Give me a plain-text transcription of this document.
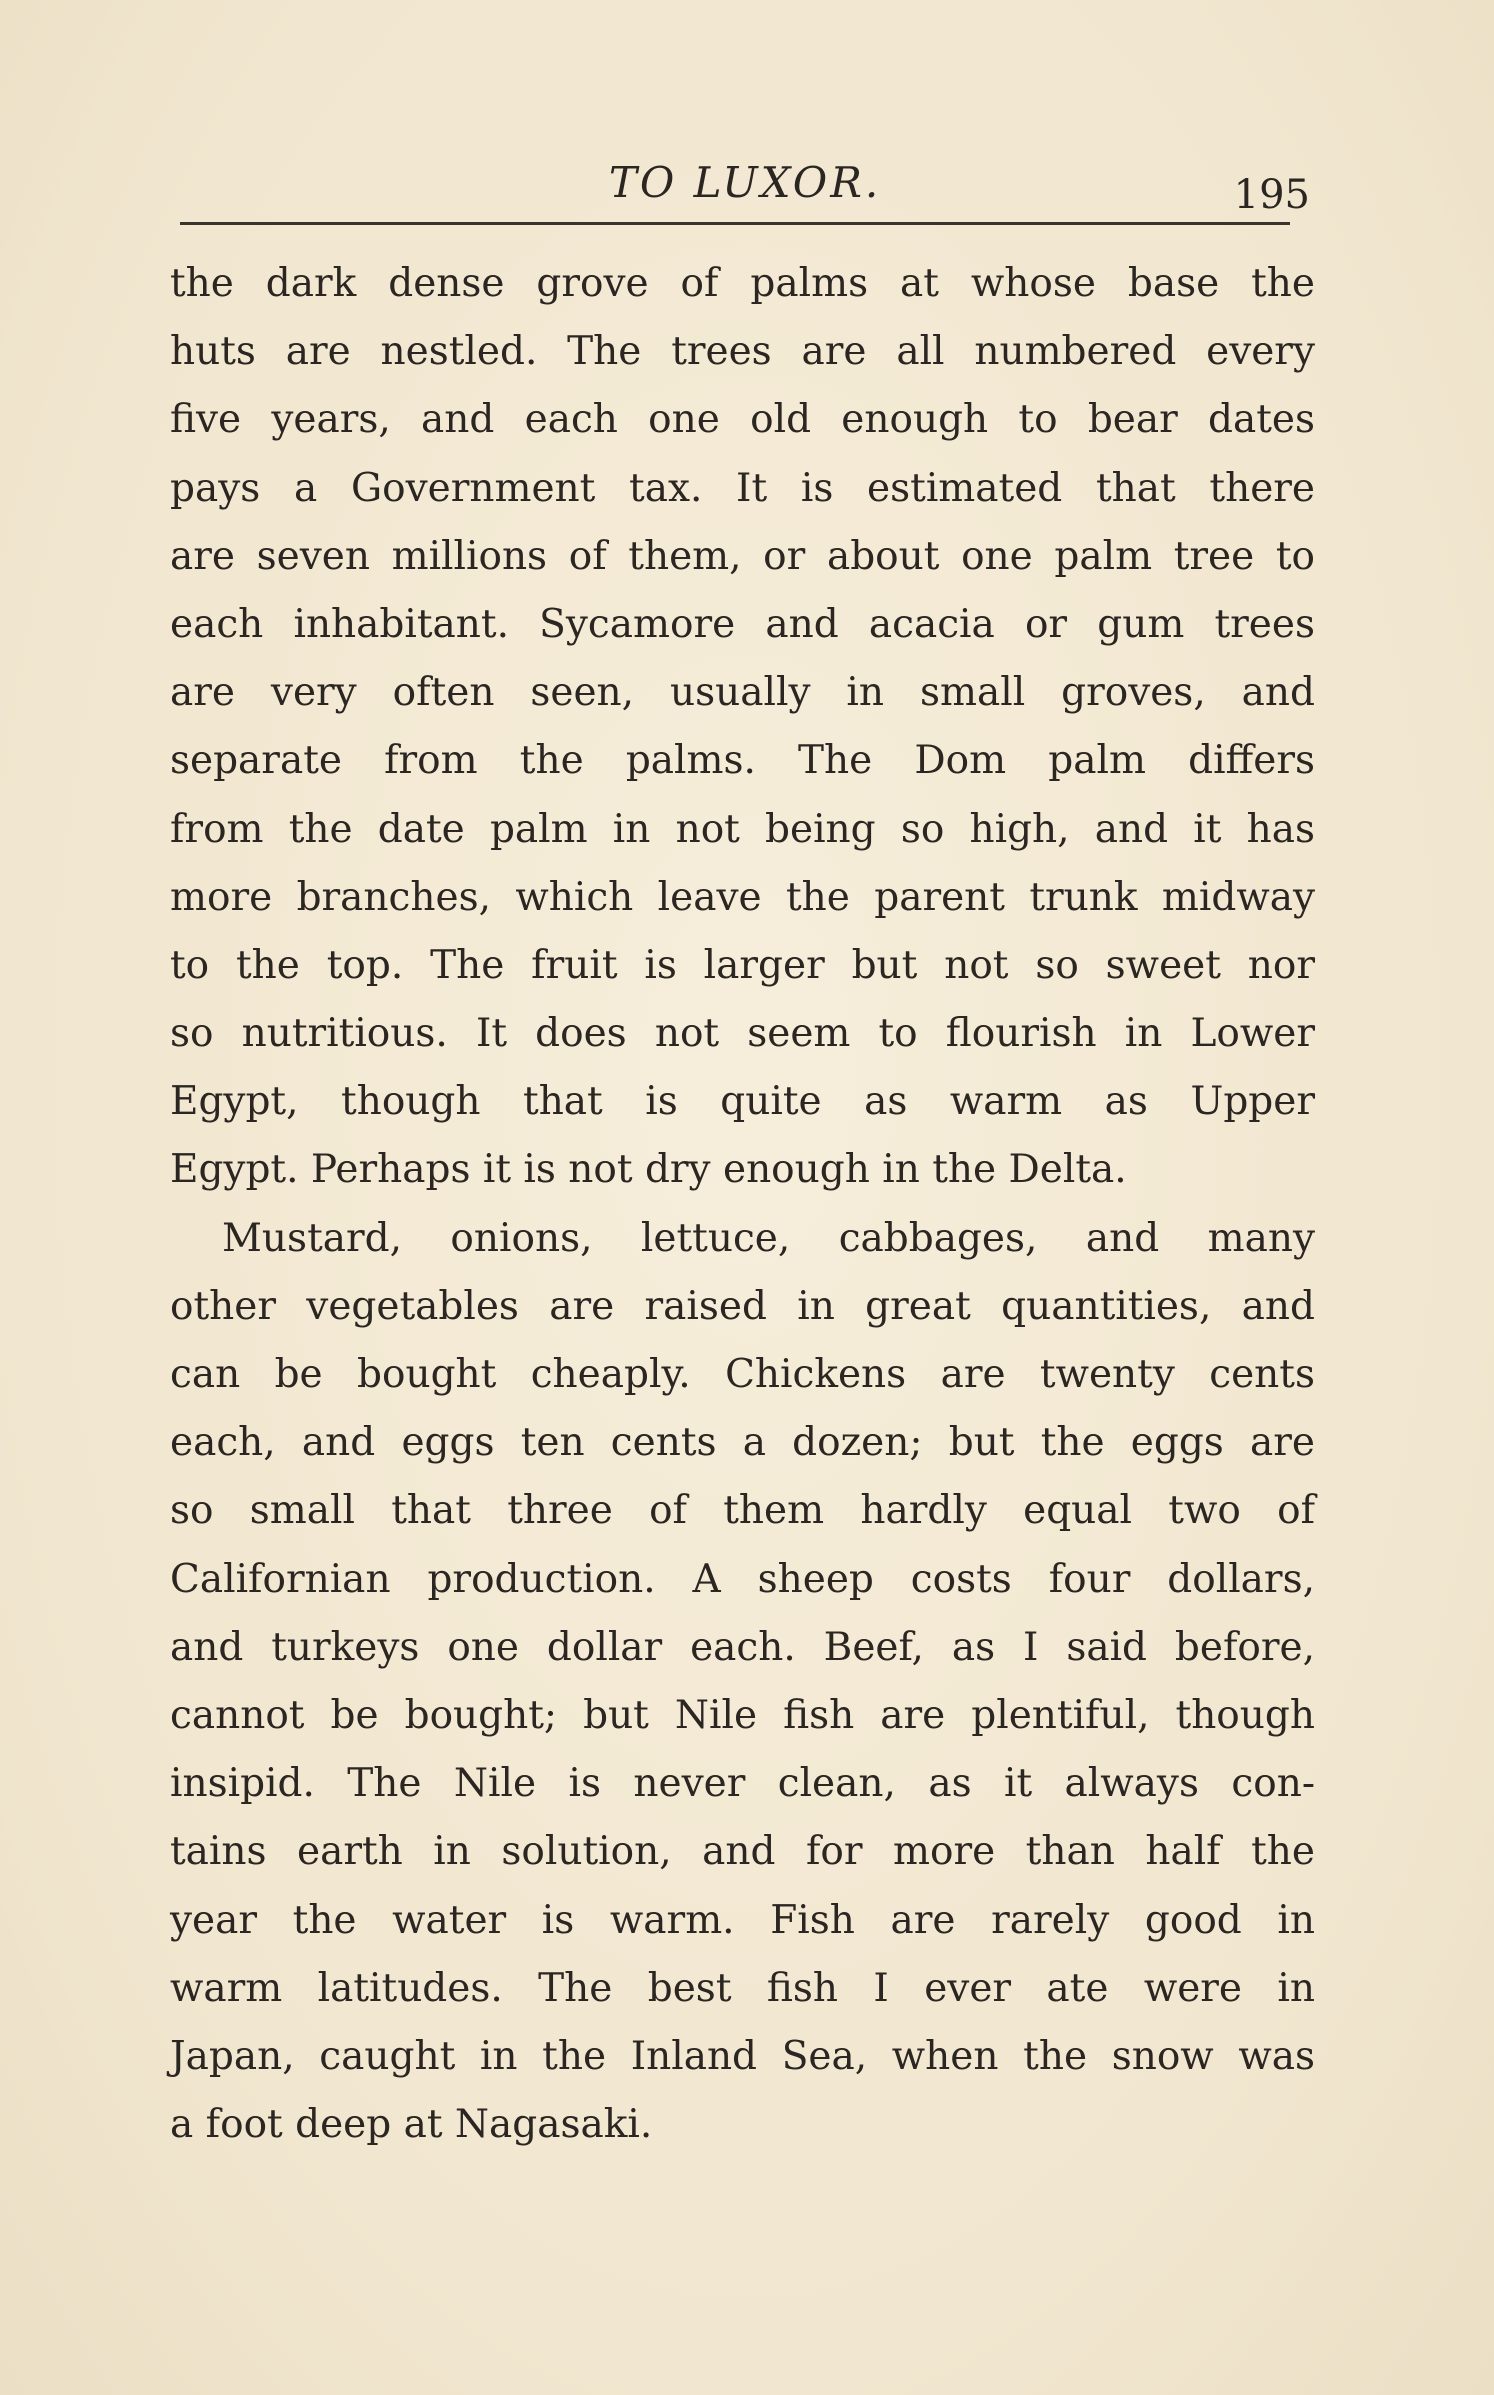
TO LUXOR.	195
the dark dense grove of palms at whose base the
huts are nestled. The trees are all numbered every
five years, and each one old enough to bear dates
pays a Government tax. It is estimated that there
are seven millions of them, or about one palm tree to
each inhabitant. Sycamore and acacia or gum trees
are very often seen, usually in small groves, and
separate from the palms. The Dom palm differs
from the date palm in not being so high, and it has
more branches, which leave the parent trunk midway
to the top. The fruit is larger but not so sweet nor
so nutritious. It does not seem to flourish in Lower
Egypt, though that is quite as warm as Upper
Egypt. Perhaps it is not dry enough in the Delta.
Mustard, onions, lettuce, cabbages, and many
other vegetables are raised in great quantities, and
can be bought cheaply. Chickens are twenty cents
each, and eggs ten cents a dozen; but the eggs are
so small that three of them hardly equal two of
Californian production. A sheep costs four dollars,
and turkeys one dollar each. Beef, as I said before,
cannot be bought; but Nile fish are plentiful, though
insipid. The Nile is never clean, as it always con-
tains earth in solution, and for more than half the
year the water is warm. Fish are rarely good in
warm latitudes. The best fish I ever ate were in
Japan, caught in the Inland Sea, when the snow was
a foot deep at Nagasaki.
